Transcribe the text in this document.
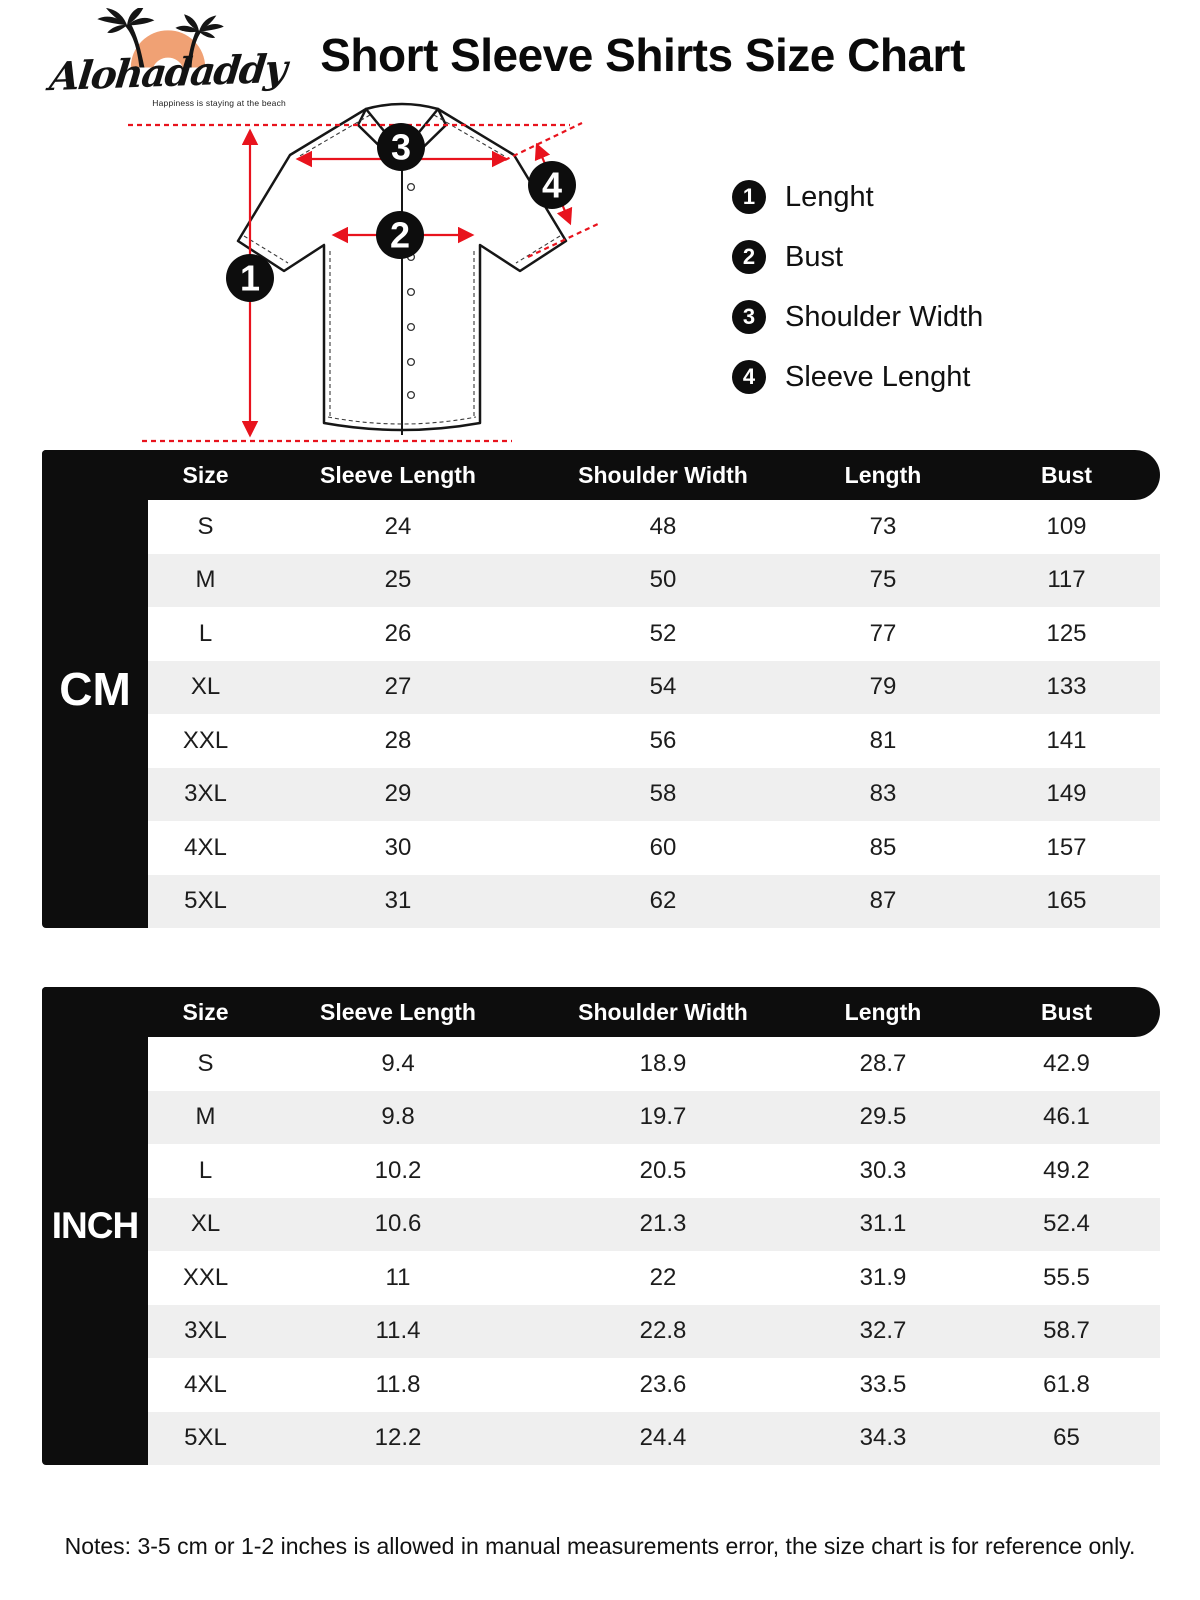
Alohadaddy
Happiness is staying at the beach
Short Sleeve Shirts Size Chart
1
2
3
4	1	Lenght
2	Bust
3	Shoulder Width
4	Sleeve Lenght
CM
Size	Sleeve Length	Shoulder Width	Length	Bust
S	24	48	73	109
M	25	50	75	117
L	26	52	77	125
XL	27	54	79	133
XXL	28	56	81	141
3XL	29	58	83	149
4XL	30	60	85	157
5XL	31	62	87	165
INCH
Size	Sleeve Length	Shoulder Width	Length	Bust
S	9.4	18.9	28.7	42.9
M	9.8	19.7	29.5	46.1
L	10.2	20.5	30.3	49.2
XL	10.6	21.3	31.1	52.4
XXL	11	22	31.9	55.5
3XL	11.4	22.8	32.7	58.7
4XL	11.8	23.6	33.5	61.8
5XL	12.2	24.4	34.3	65
Notes: 3-5 cm or 1-2 inches is allowed in manual measurements error, the size chart is for reference only.
